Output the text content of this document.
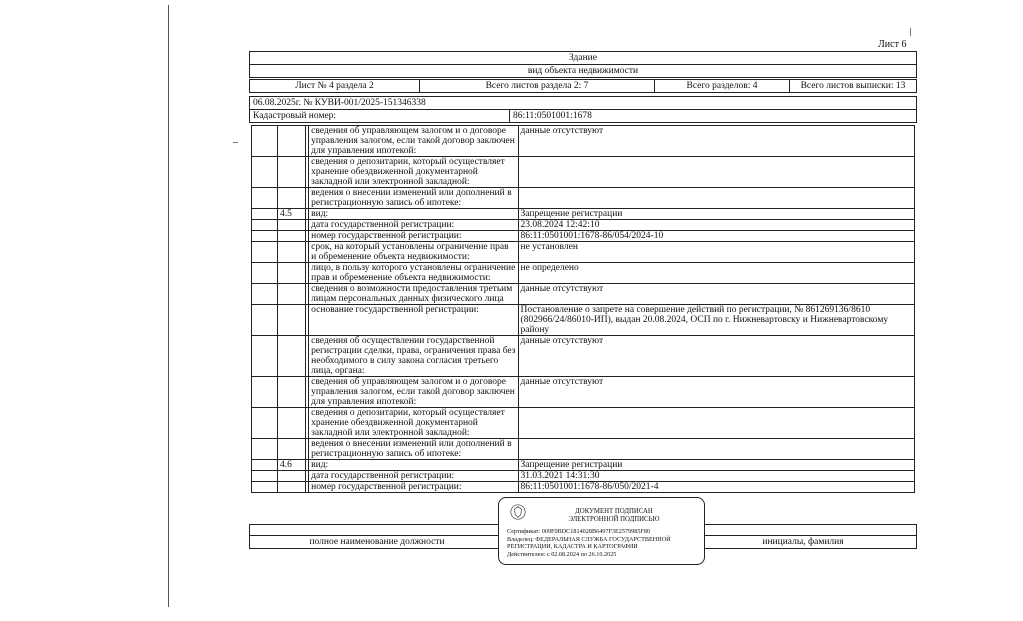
Лист 6
Здание
вид объекта недвижимости
Лист № 4 раздела 2	Всего листов раздела 2: 7	Всего разделов: 4	Всего листов выписки: 13
06.08.2025г. № КУВИ-001/2025-151346338
Кадастровый номер:	86:11:0501001:1678
			сведения об управляющем залогом и о договоре управления залогом, если такой договор заключен для управления ипотекой:	данные отсутствуют
			сведения о депозитарии, который осуществляет хранение обездвиженной документарной закладной или электронной закладной:	
			ведения о внесении изменений или дополнений в регистрационную запись об ипотеке:	
	4.5		вид:	Запрещение регистрации
			дата государственной регистрации:	23.08.2024 12:42:10
			номер государственной регистрации:	86:11:0501001:1678-86/054/2024-10
			срок, на который установлены ограничение прав и обременение объекта недвижимости:	не установлен
			лицо, в пользу которого установлены ограничение прав и обременение объекта недвижимости:	не определено
			сведения о возможности предоставления третьим лицам персональных данных физического лица	данные отсутствуют
			основание государственной регистрации:	Постановление о запрете на совершение действий по регистрации, № 861269136/8610 (802966/24/86010-ИП), выдан 20.08.2024, ОСП по г. Нижневартовску и Нижневартовскому району
			сведения об осуществлении государственной регистрации сделки, права, ограничения права без необходимого в силу закона согласия третьего лица, органа:	данные отсутствуют
			сведения об управляющем залогом и о договоре управления залогом, если такой договор заключен для управления ипотекой:	данные отсутствуют
			сведения о депозитарии, который осуществляет хранение обездвиженной документарной закладной или электронной закладной:	
			ведения о внесении изменений или дополнений в регистрационную запись об ипотеке:	
	4.6		вид:	Запрещение регистрации
			дата государственной регистрации:	31.03.2021 14:31:30
			номер государственной регистрации:	86:11:0501001:1678-86/050/2021-4

полное наименование должности		инициалы, фамилия
ДОКУМЕНТ ПОДПИСАН
ЭЛЕКТРОННОЙ ПОДПИСЬЮ
Сертификат: 009F0BDC1814028B6497F3E2579985F80
Владелец: ФЕДЕРАЛЬНАЯ СЛУЖБА ГОСУДАРСТВЕННОЙ
РЕГИСТРАЦИИ, КАДАСТРА И КАРТОГРАФИИ
Действителен: с 02.08.2024 по 26.10.2025
